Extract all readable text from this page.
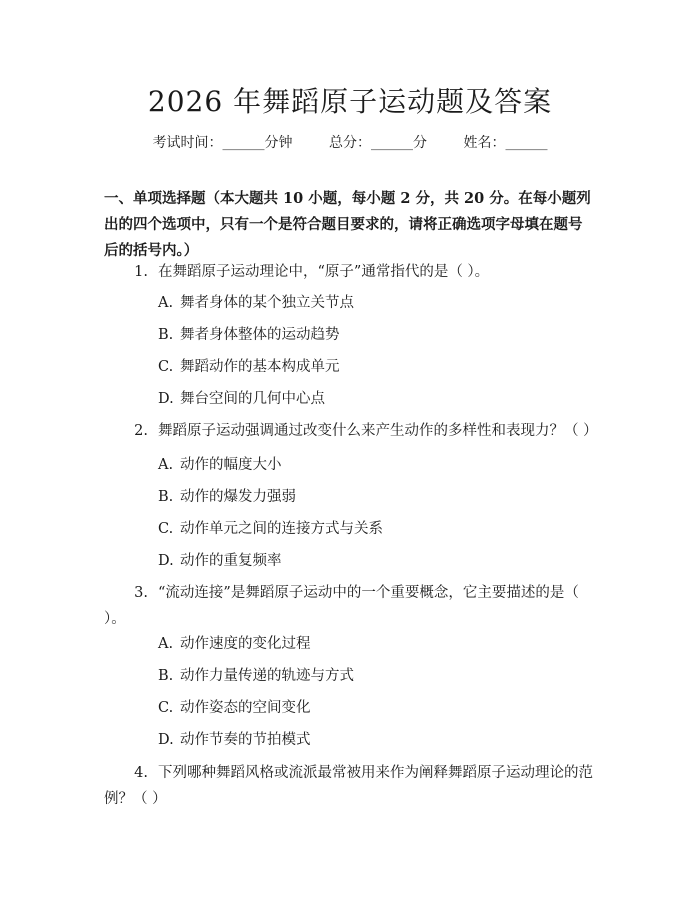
2026 年舞蹈原子运动题及答案
考试时间：______分钟	总分：______分	姓名：______
一、单项选择题（本大题共 10 小题，每小题 2 分，共 20 分。在每小题列出的四个选项中，只有一个是符合题目要求的，请将正确选项字母填在题号后的括号内。）
1. 在舞蹈原子运动理论中，“原子”通常指代的是（ ）。
A. 舞者身体的某个独立关节点
B. 舞者身体整体的运动趋势
C. 舞蹈动作的基本构成单元
D. 舞台空间的几何中心点
2. 舞蹈原子运动强调通过改变什么来产生动作的多样性和表现力？（ ）
A. 动作的幅度大小
B. 动作的爆发力强弱
C. 动作单元之间的连接方式与关系
D. 动作的重复频率
3. “流动连接”是舞蹈原子运动中的一个重要概念，它主要描述的是（ ）。
A. 动作速度的变化过程
B. 动作力量传递的轨迹与方式
C. 动作姿态的空间变化
D. 动作节奏的节拍模式
4. 下列哪种舞蹈风格或流派最常被用来作为阐释舞蹈原子运动理论的范例？（ ）
